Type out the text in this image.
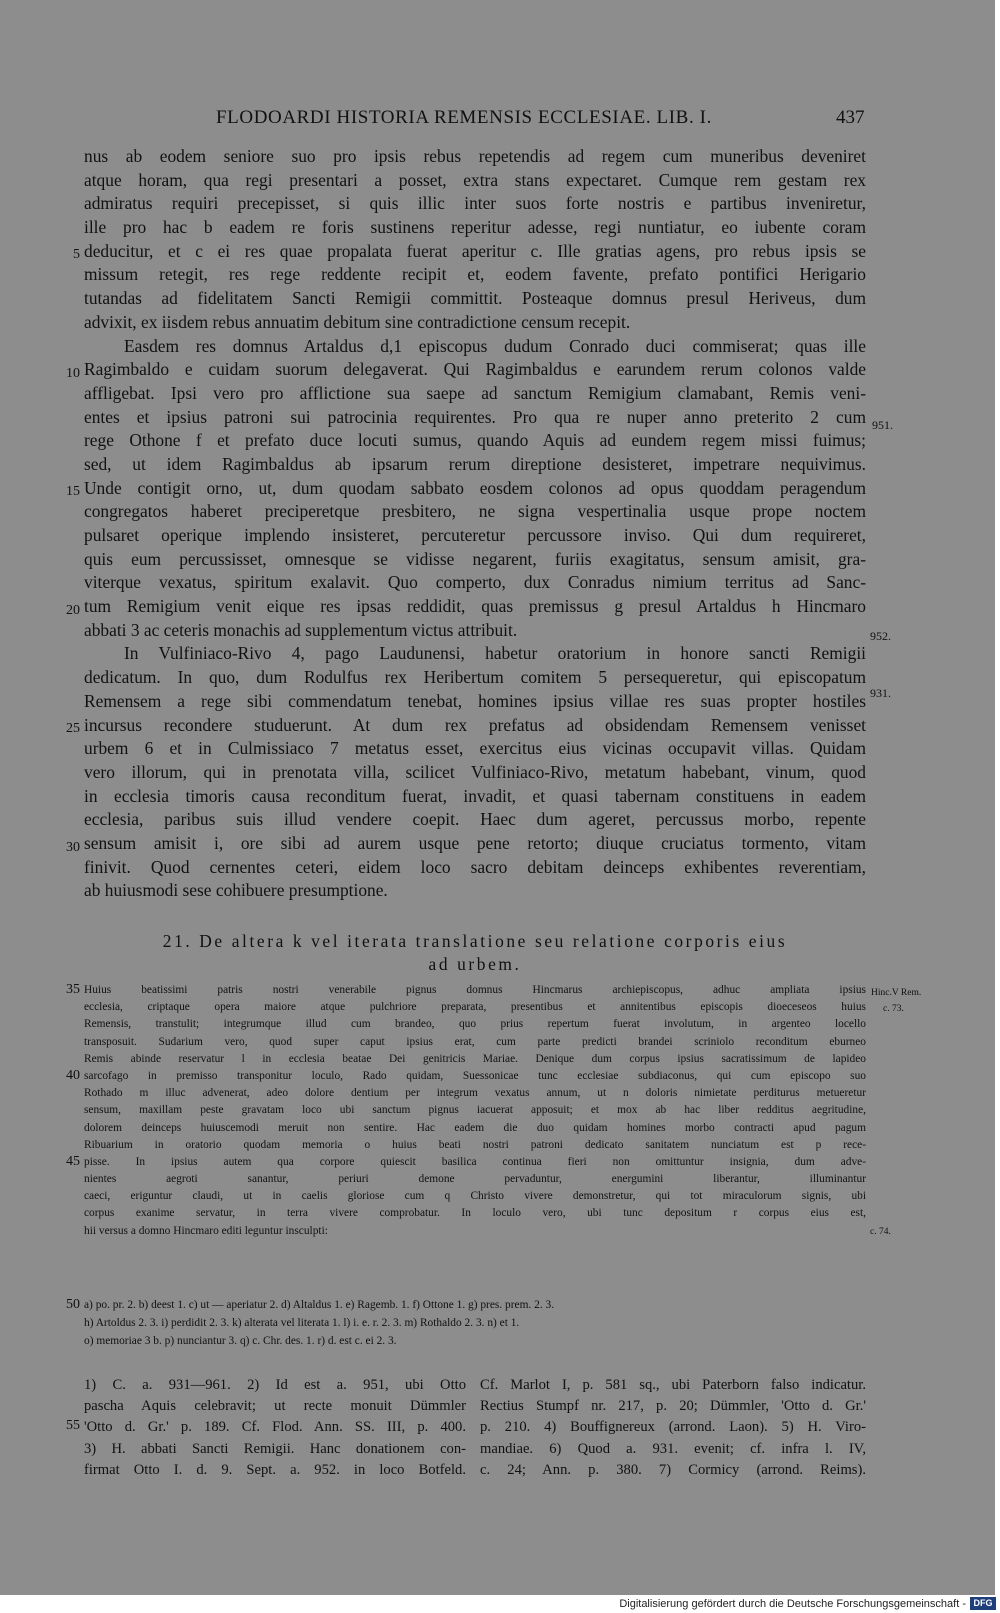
FLODOARDI HISTORIA REMENSIS ECCLESIAE. LIB. I.	437
nus ab eodem seniore suo pro ipsis rebus repetendis ad regem cum muneribus deveniret
atque horam, qua regi presentari a posset, extra stans expectaret. Cumque rem gestam rex
admiratus requiri precepisset, si quis illic inter suos forte nostris e partibus inveniretur,
ille pro hac b eadem re foris sustinens reperitur adesse, regi nuntiatur, eo iubente coram
deducitur, et c ei res quae propalata fuerat aperitur c. Ille gratias agens, pro rebus ipsis se
missum retegit, res rege reddente recipit et, eodem favente, prefato pontifici Herigario
tutandas ad fidelitatem Sancti Remigii committit. Posteaque domnus presul Heriveus, dum
advixit, ex iisdem rebus annuatim debitum sine contradictione censum recepit.
Easdem res domnus Artaldus d,1 episcopus dudum Conrado duci commiserat; quas ille
Ragimbaldo e cuidam suorum delegaverat. Qui Ragimbaldus e earundem rerum colonos valde
affligebat. Ipsi vero pro afflictione sua saepe ad sanctum Remigium clamabant, Remis veni-
entes et ipsius patroni sui patrocinia requirentes. Pro qua re nuper anno preterito 2 cum
rege Othone f et prefato duce locuti sumus, quando Aquis ad eundem regem missi fuimus;
sed, ut idem Ragimbaldus ab ipsarum rerum direptione desisteret, impetrare nequivimus.
Unde contigit orno, ut, dum quodam sabbato eosdem colonos ad opus quoddam peragendum
congregatos haberet preciperetque presbitero, ne signa vespertinalia usque prope noctem
pulsaret operique implendo insisteret, percuteretur percussore inviso. Qui dum requireret,
quis eum percussisset, omnesque se vidisse negarent, furiis exagitatus, sensum amisit, gra-
viterque vexatus, spiritum exalavit. Quo comperto, dux Conradus nimium territus ad Sanc-
tum Remigium venit eique res ipsas reddidit, quas premissus g presul Artaldus h Hincmaro
abbati 3 ac ceteris monachis ad supplementum victus attribuit.
In Vulfiniaco-Rivo 4, pago Laudunensi, habetur oratorium in honore sancti Remigii
dedicatum. In quo, dum Rodulfus rex Heribertum comitem 5 persequeretur, qui episcopatum
Remensem a rege sibi commendatum tenebat, homines ipsius villae res suas propter hostiles
incursus recondere studuerunt. At dum rex prefatus ad obsidendam Remensem venisset
urbem 6 et in Culmissiaco 7 metatus esset, exercitus eius vicinas occupavit villas. Quidam
vero illorum, qui in prenotata villa, scilicet Vulfiniaco-Rivo, metatum habebant, vinum, quod
in ecclesia timoris causa reconditum fuerat, invadit, et quasi tabernam constituens in eadem
ecclesia, paribus suis illud vendere coepit. Haec dum ageret, percussus morbo, repente
sensum amisit i, ore sibi ad aurem usque pene retorto; diuque cruciatus tormento, vitam
finivit. Quod cernentes ceteri, eidem loco sacro debitam deinceps exhibentes reverentiam,
ab huiusmodi sese cohibuere presumptione.
21. De altera k vel iterata translatione seu relatione corporis eius
ad urbem.
Huius beatissimi patris nostri venerabile pignus domnus Hincmarus archiepiscopus, adhuc ampliata ipsius
ecclesia, criptaque opera maiore atque pulchriore preparata, presentibus et annitentibus episcopis dioeceseos huius
Remensis, transtulit; integrumque illud cum brandeo, quo prius repertum fuerat involutum, in argenteo locello
transposuit. Sudarium vero, quod super caput ipsius erat, cum parte predicti brandei scriniolo reconditum eburneo
Remis abinde reservatur l in ecclesia beatae Dei genitricis Mariae. Denique dum corpus ipsius sacratissimum de lapideo
sarcofago in premisso transponitur loculo, Rado quidam, Suessonicae tunc ecclesiae subdiaconus, qui cum episcopo suo
Rothado m illuc advenerat, adeo dolore dentium per integrum vexatus annum, ut n doloris nimietate perditurus metueretur
sensum, maxillam peste gravatam loco ubi sanctum pignus iacuerat apposuit; et mox ab hac liber redditus aegritudine,
dolorem deinceps huiuscemodi meruit non sentire. Hac eadem die duo quidam homines morbo contracti apud pagum
Ribuarium in oratorio quodam memoria o huius beati nostri patroni dedicato sanitatem nunciatum est p rece-
pisse. In ipsius autem qua corpore quiescit basilica continua fieri non omittuntur insignia, dum adve-
nientes aegroti sanantur, periuri demone pervaduntur, energumini liberantur, illuminantur
caeci, eriguntur claudi, ut in caelis gloriose cum q Christo vivere demonstretur, qui tot miraculorum signis, ubi
corpus exanime servatur, in terra vivere comprobatur. In loculo vero, ubi tunc depositum r corpus eius est,
hii versus a domno Hincmaro editi leguntur insculpti:
a) po. pr. 2. b) deest 1. c) ut — aperiatur 2. d) Altaldus 1. e) Ragemb. 1. f) Ottone 1. g) pres. prem. 2. 3.
h) Artoldus 2. 3. i) perdidit 2. 3. k) alterata vel literata 1. l) i. e. r. 2. 3. m) Rothaldo 2. 3. n) et 1.
o) memoriae 3 b. p) nunciantur 3. q) c. Chr. des. 1. r) d. est c. ei 2. 3.
1) C. a. 931—961. 2) Id est a. 951, ubi Otto
pascha Aquis celebravit; ut recte monuit Dümmler
'Otto d. Gr.' p. 189. Cf. Flod. Ann. SS. III, p. 400.
3) H. abbati Sancti Remigii. Hanc donationem con-
firmat Otto I. d. 9. Sept. a. 952. in loco Botfeld.
Cf. Marlot I, p. 581 sq., ubi Paterborn falso indicatur.
Rectius Stumpf nr. 217, p. 20; Dümmler, 'Otto d. Gr.'
p. 210. 4) Bouffignereux (arrond. Laon). 5) H. Viro-
mandiae. 6) Quod a. 931. evenit; cf. infra l. IV,
c. 24; Ann. p. 380. 7) Cormicy (arrond. Reims).
5
10
15
20
25
30
35
40
45
50
55
951.
952.
931.
Hinc.V Rem.
c. 73.
c. 74.
Digitalisierung gefördert durch die Deutsche Forschungsgemeinschaft - DFG
